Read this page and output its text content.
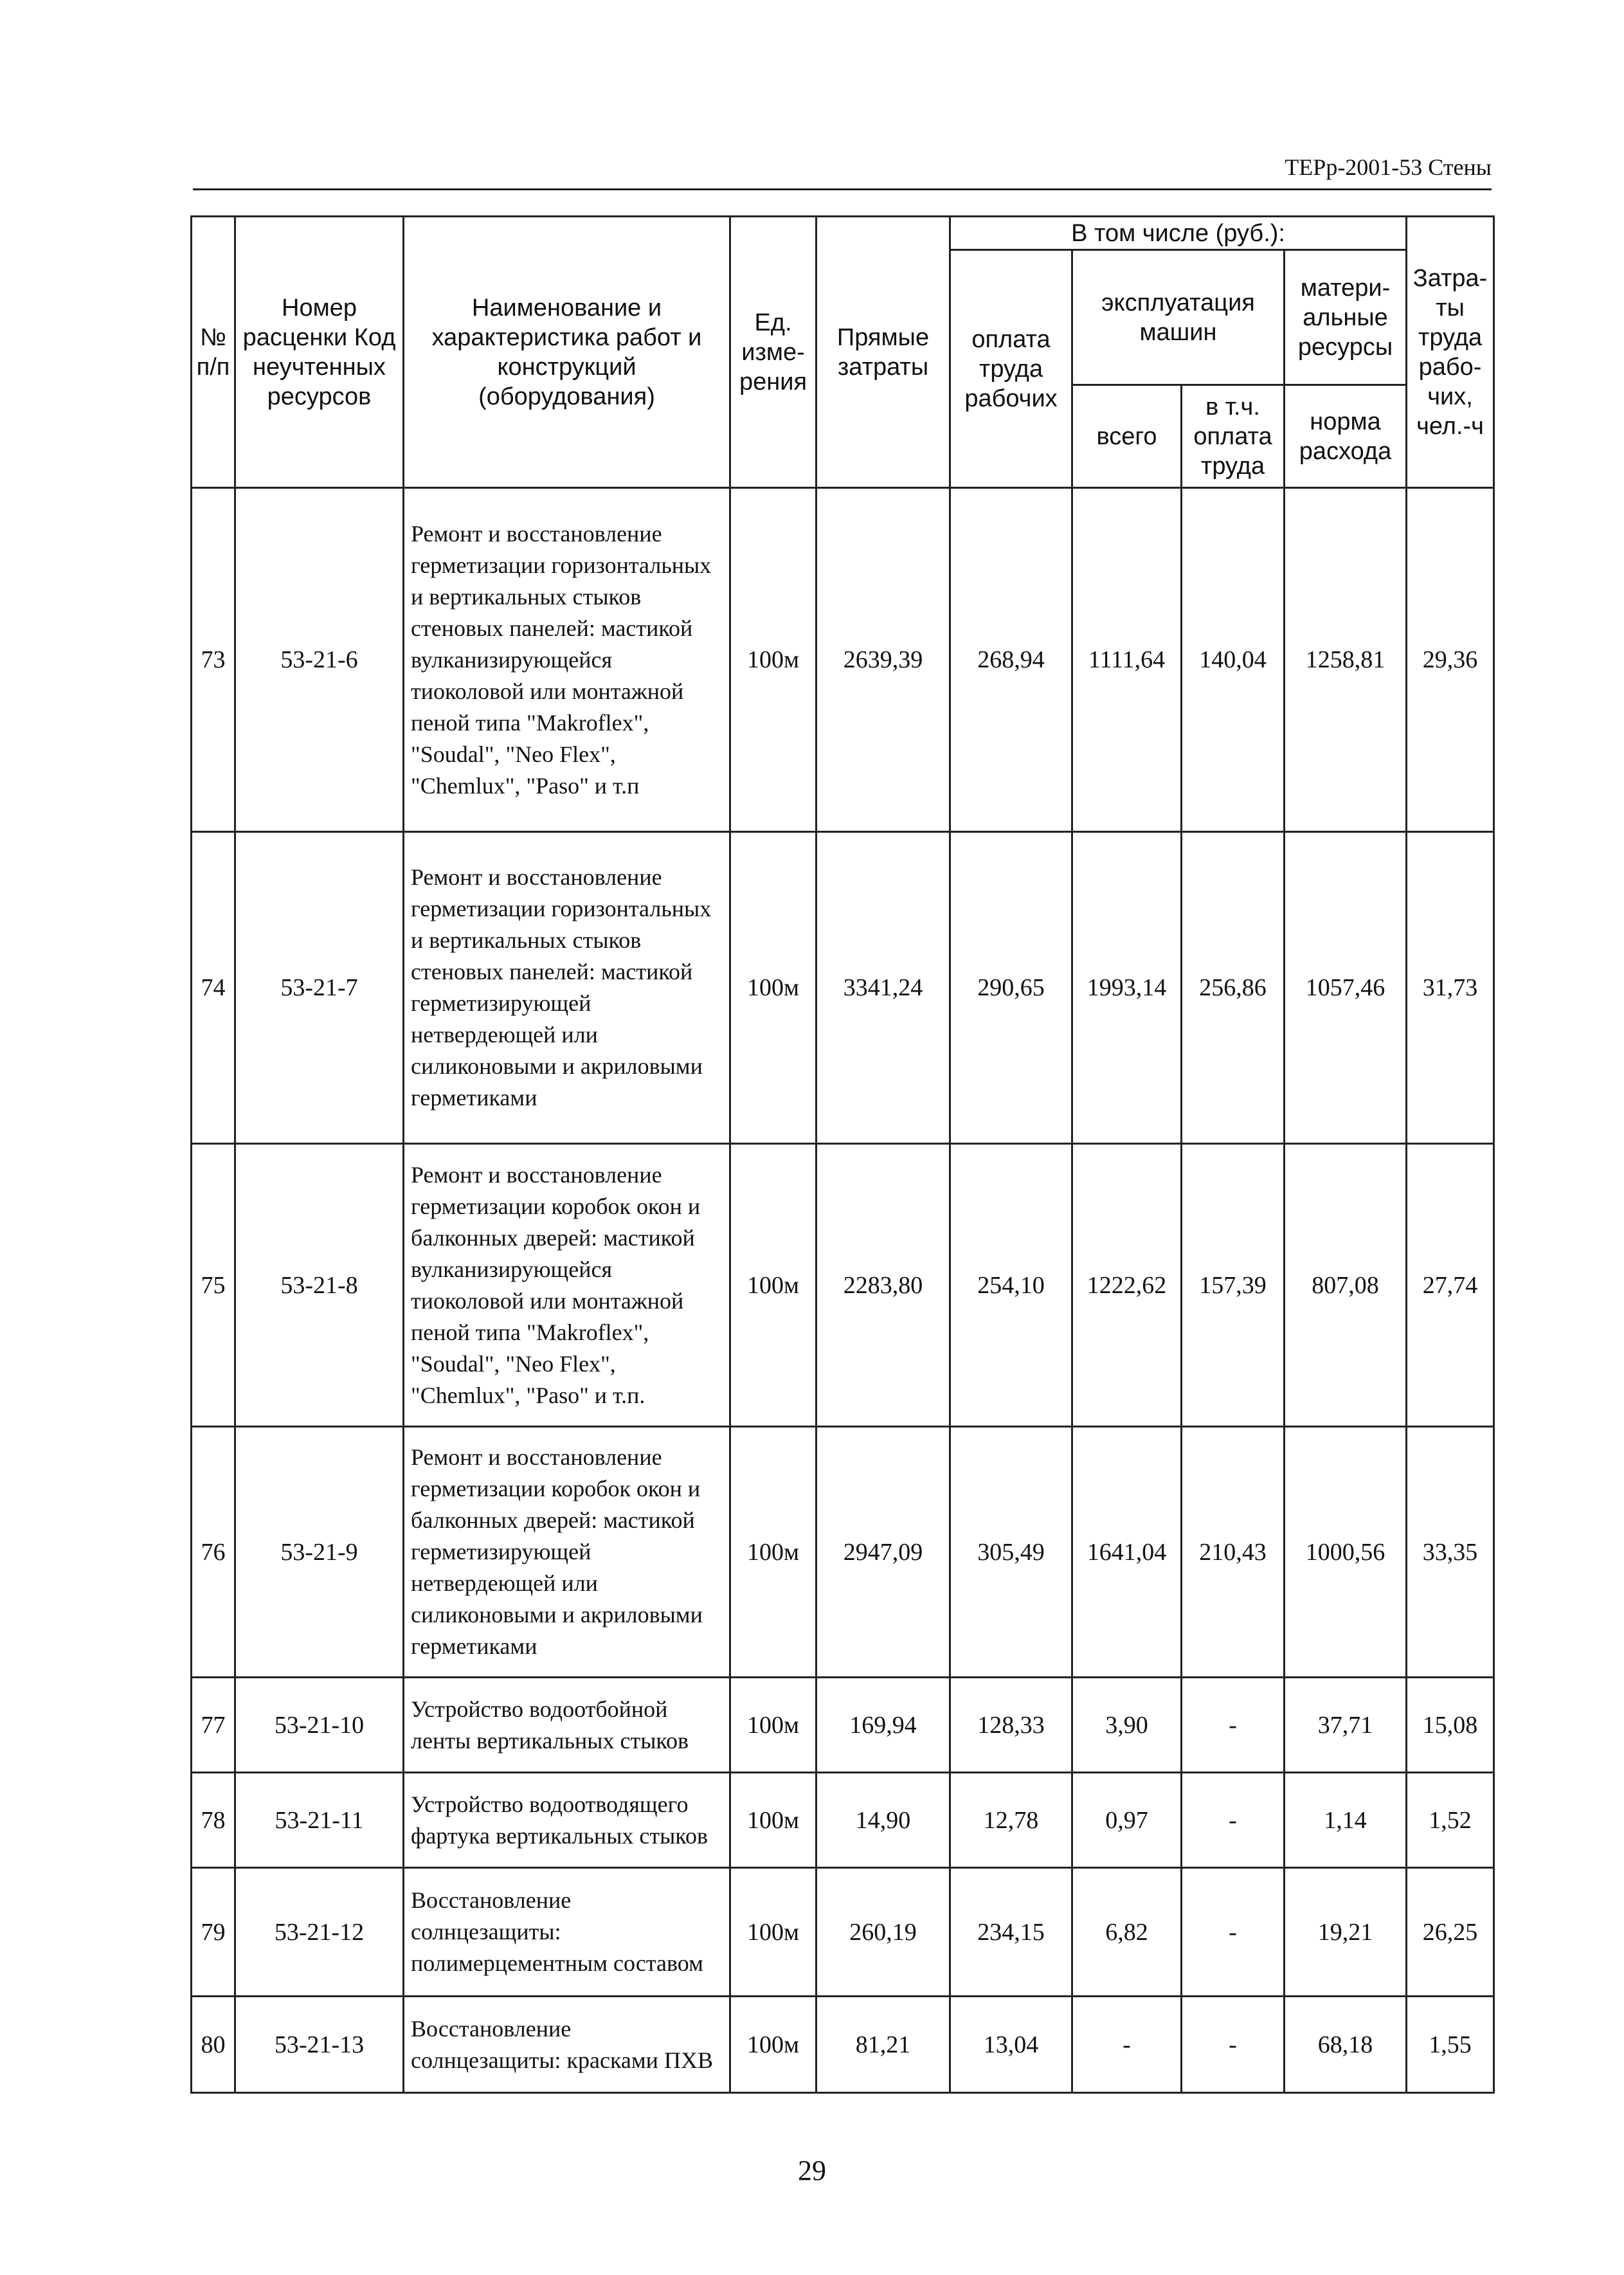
ТЕРр-2001-53 Стены
№ п/п	Номер расценки Код неучтенных ресурсов	Наименование и характеристика работ и конструкций (оборудования)	Ед. изме-рения	Прямые затраты	В том числе (руб.):				Затра-ты труда рабо-чих, чел.-ч
					оплата труда рабочих	эксплуатация машин		матери-альные ресурсы	
						всего	в т.ч. оплата труда	норма расхода	
73	53-21-6	Ремонт и восстановление герметизации горизонтальных и вертикальных стыков стеновых панелей: мастикой вулканизирующейся тиоколовой или монтажной пеной типа "Makroflex", "Soudal", "Neo Flex", "Chemlux", "Paso" и т.п	100м	2639,39	268,94	1111,64	140,04	1258,81	29,36
74	53-21-7	Ремонт и восстановление герметизации горизонтальных и вертикальных стыков стеновых панелей: мастикой герметизирующей нетвердеющей или силиконовыми и акриловыми герметиками	100м	3341,24	290,65	1993,14	256,86	1057,46	31,73
75	53-21-8	Ремонт и восстановление герметизации коробок окон и балконных дверей: мастикой вулканизирующейся тиоколовой или монтажной пеной типа "Makroflex", "Soudal", "Neo Flex", "Chemlux", "Paso" и т.п.	100м	2283,80	254,10	1222,62	157,39	807,08	27,74
76	53-21-9	Ремонт и восстановление герметизации коробок окон и балконных дверей: мастикой герметизирующей нетвердеющей или силиконовыми и акриловыми герметиками	100м	2947,09	305,49	1641,04	210,43	1000,56	33,35
77	53-21-10	Устройство водоотбойной ленты вертикальных стыков	100м	169,94	128,33	3,90	-	37,71	15,08
78	53-21-11	Устройство водоотводящего фартука вертикальных стыков	100м	14,90	12,78	0,97	-	1,14	1,52
79	53-21-12	Восстановление солнцезащиты: полимерцементным составом	100м	260,19	234,15	6,82	-	19,21	26,25
80	53-21-13	Восстановление солнцезащиты: красками ПХВ	100м	81,21	13,04	-	-	68,18	1,55
29
